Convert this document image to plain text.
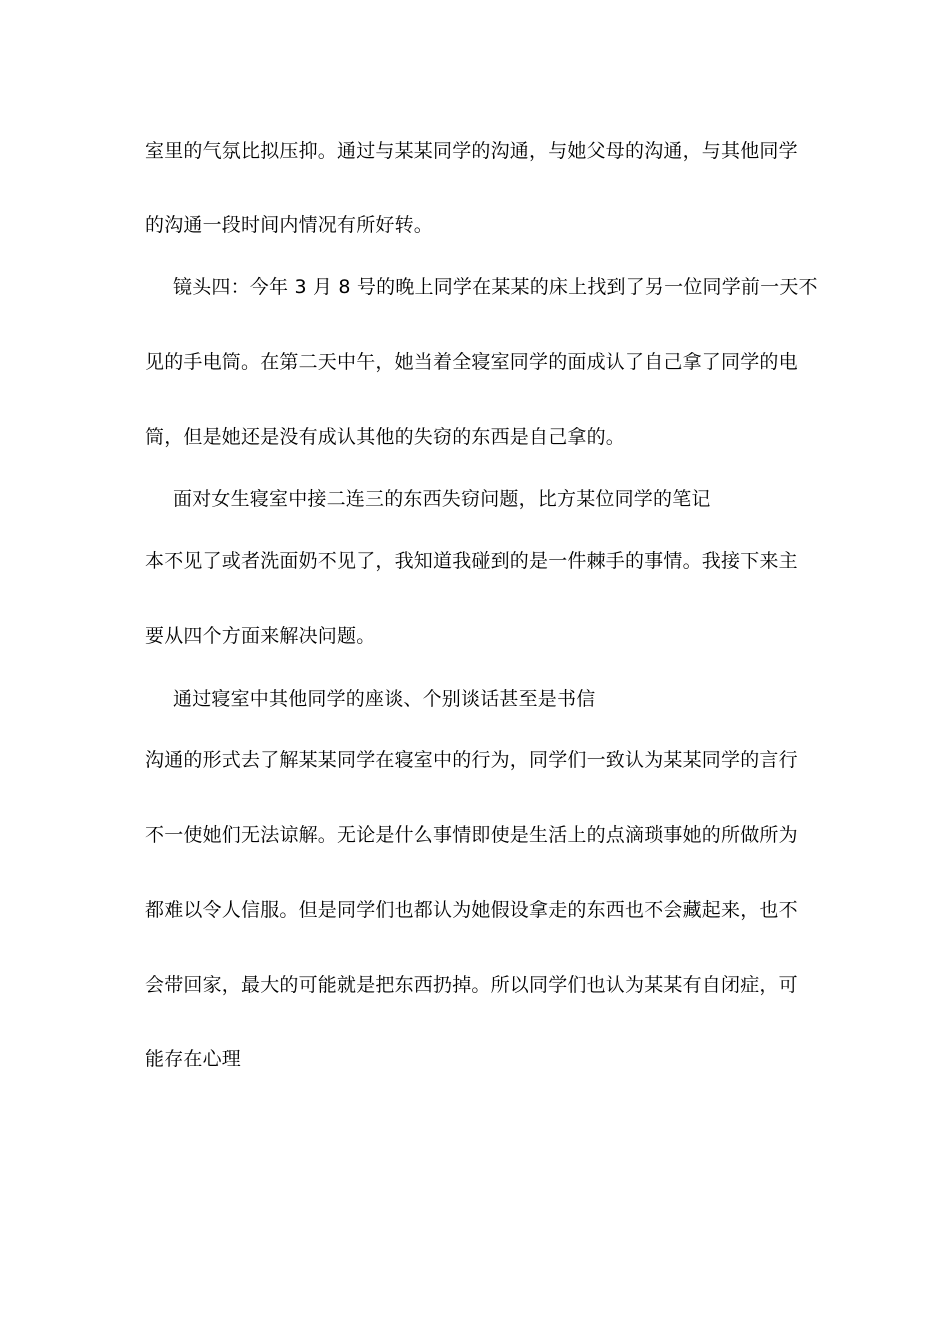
室里的气氛比拟压抑。通过与某某同学的沟通，与她父母的沟通，与其他同学
的沟通一段时间内情况有所好转。
镜头四：今年 3 月 8 号的晚上同学在某某的床上找到了另一位同学前一天不
见的手电筒。在第二天中午，她当着全寝室同学的面成认了自己拿了同学的电
筒，但是她还是没有成认其他的失窃的东西是自己拿的。
面对女生寝室中接二连三的东西失窃问题，比方某位同学的笔记
本不见了或者洗面奶不见了，我知道我碰到的是一件棘手的事情。我接下来主
要从四个方面来解决问题。
通过寝室中其他同学的座谈、个别谈话甚至是书信
沟通的形式去了解某某同学在寝室中的行为，同学们一致认为某某同学的言行
不一使她们无法谅解。无论是什么事情即使是生活上的点滴琐事她的所做所为
都难以令人信服。但是同学们也都认为她假设拿走的东西也不会藏起来，也不
会带回家，最大的可能就是把东西扔掉。所以同学们也认为某某有自闭症，可
能存在心理
